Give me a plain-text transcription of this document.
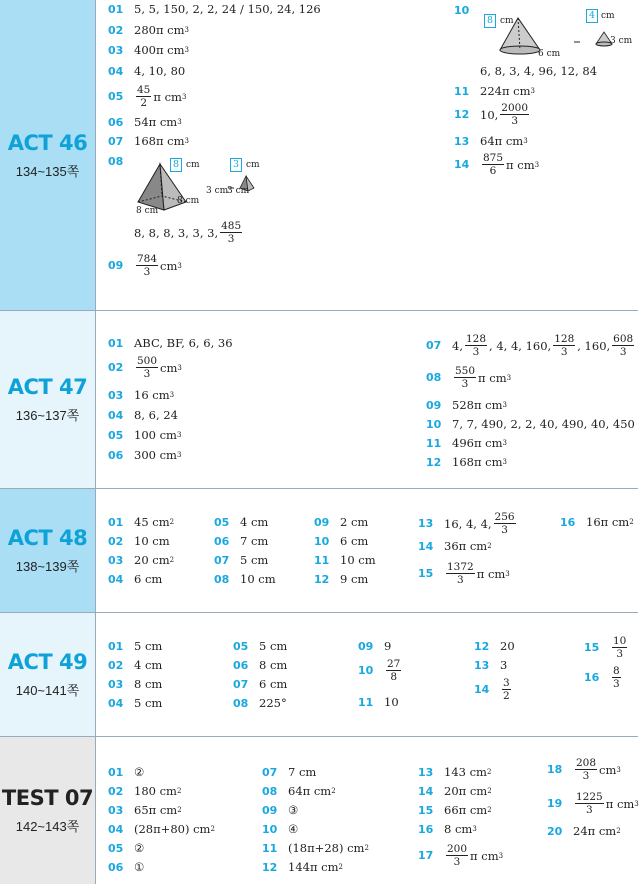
ACT 46
134~135쪽
01 5, 5, 150, 2, 2, 24 / 150, 24, 126
02 280π cm 3
03 400π cm 3
04 4, 10, 80
05
45
2 π cm 3
06 54π cm 3
07 168π cm 3
08	8 cm	3 cm
8 cm
8 cm
3 cm
3 cm
8, 8, 8, 3, 3, 3, 485
3
09
784
3 cm 3
10
8 cm	4 cm
3 cm
6 cm
6, 8, 3, 4, 96, 12, 84
11 224π cm 3
12 10, 2000
3
13 64π cm 3
14
875
6 π cm 3
ACT 47
136~137쪽
01 ABC, BF, 6, 6, 36
02
500
3 cm 3
03 16 cm 3
04 8, 6, 24
05 100 cm 3
06 300 cm 3
07 4, 128
3 , 4, 4, 160, 128
3 , 160, 608
3
08
550
3 π cm 3
09 528π cm 3
10 7, 7, 490, 2, 2, 40, 490, 40, 450
11 496π cm 3
12 168π cm 3
ACT 48
138~139쪽
01 45 cm 2
02 10 cm
03 20 cm 2
04 6 cm
05 4 cm
06 7 cm
07 5 cm
08 10 cm
09 2 cm
10 6 cm
11 10 cm
12 9 cm
13 16, 4, 4, 256
3
14 36π cm 2
15
1372
3 π cm 3
16 16π cm 2
ACT 49
140~141쪽
01 5 cm
02 4 cm
03 8 cm
04 5 cm
05 5 cm
06 8 cm
07 6 cm
08 225°
09 9
10
27
8
11 10
12 20
13 3
14
3
2
15
10
3
16
8
3
TEST 07
142~143쪽
01 ②
02 180 cm 2
03 65π cm 2
04 (28π+80) cm 2
05 ②
06 ①
07 7 cm
08 64π cm 2
09 ③
10 ④
11 (18π+28) cm 2
12 144π cm 2
13 143 cm 2
14 20π cm 2
15 66π cm 2
16 8 cm 3
17
200
3 π cm 3
18
208
3 cm 3
19
1225
3 π cm 3
20 24π cm 2
